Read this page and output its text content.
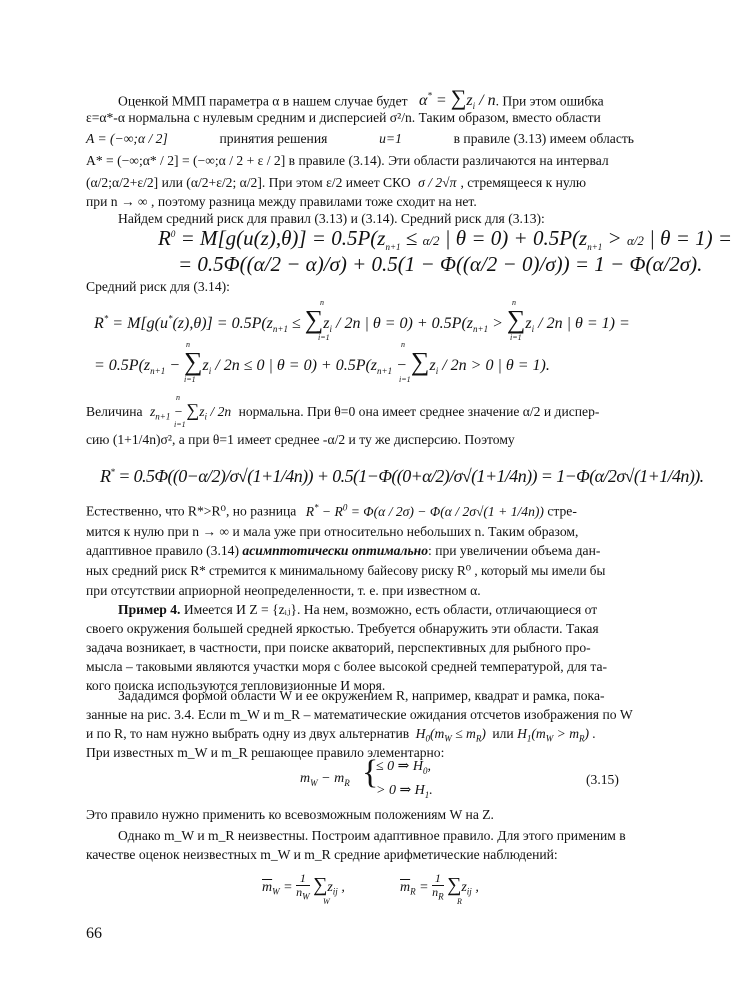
Оценкой ММП параметра α в нашем случае будет $\alpha^* = \sum z_i / n$. При этом ошибка
ε=α*-α нормальна с нулевым средним и дисперсией σ²/n. Таким образом, вместо области
A = (−∞;α / 2]	принятия решения	u=1	в правиле (3.13) имеем область
A* = (−∞;α* / 2] = (−∞;α / 2 + ε / 2] в правиле (3.14). Эти области различаются на интервал
(α/2;α/2+ε/2] или (α/2+ε/2; α/2]. При этом ε/2 имеет СКО σ / 2√π , стремящееся к нулю
при n → ∞ , поэтому разница между правилами тоже сходит на нет.
Найдем средний риск для правил (3.13) и (3.14). Средний риск для (3.13):
$R^0 = M[g(u(z),\theta)] = 0.5P(z_{n+1} \le \alpha/2$ | $\theta = 0) + 0.5P(z_{n+1} > \alpha/2$ | θ = 1) =
= 0.5Φ((α/2 − α)/σ) + 0.5(1 − Φ((α/2 − 0)/σ)) = 1 − Φ(α/2σ).
Средний риск для (3.14):
$R^* = M[g(u^*(z),\theta)] = 0.5P(z_{n+1} \le \sum z_i / 2n$ | $\theta = 0) + 0.5P(z_{n+1} > \sum z_i / 2n$ | θ = 1) =
n
i=1
n
i=1
= $0.5P(z_{n+1} - \sum z_i / 2n \le 0$ | $\theta = 0) + 0.5P(z_{n+1} - \sum z_i / 2n > 0$ | θ = 1).
n
i=1
n
i=1
Величина $z_{n+1} - \sum z_i / 2n$ нормальна. При θ=0 она имеет среднее значение α/2 и диспер-
n
i=1
сию (1+1/4n)σ², а при θ=1 имеет среднее -α/2 и ту же дисперсию. Поэтому
R* = 0.5Φ((0−α/2)/σ√(1+1/4n)) + 0.5(1−Φ((0+α/2)/σ√(1+1/4n)) = 1−Φ(α/2σ√(1+1/4n)).
Естественно, что R*>R⁰, но разница $R^* - R^0 = \Phi(\alpha / 2\sigma) - \Phi(\alpha / 2\sigma√(1 + 1/4n))$ стре-
мится к нулю при n → ∞ и мала уже при относительно небольших n. Таким образом,
адаптивное правило (3.14) асимптотически оптимально: при увеличении объема дан-
ных средний риск R* стремится к минимальному байесову риску R⁰ , который мы имели бы
при отсутствии априорной неопределенности, т. е. при известном α.
Пример 4. Имеется И Z = {zᵢⱼ}. На нем, возможно, есть области, отличающиеся от
своего окружения большей средней яркостью. Требуется обнаружить эти области. Такая
задача возникает, в частности, при поиске акваторий, перспективных для рыбного про-
мысла – таковыми являются участки моря с более высокой средней температурой, для та-
кого поиска используются тепловизионные И моря.
Зададимся формой области W и ее окружением R, например, квадрат и рамка, пока-
занные на рис. 3.4. Если m_W и m_R – математические ожидания отсчетов изображения по W
и по R, то нам нужно выбрать одну из двух альтернатив $H_0(m_W \le m_R)$ или $H_1(m_W > m_R)$ .
При известных m_W и m_R решающее правило элементарно:
$m_W - m_R$ {
≤ 0 ⇒ $H_0$,
> 0 ⇒ $H_1$.
(3.15)
Это правило нужно применить ко всевозможным положениям W на Z.
Однако m_W и m_R неизвестны. Построим адаптивное правило. Для этого применим в
качестве оценок неизвестных m_W и m_R средние арифметические наблюдений:
$\overline{m}_W = \frac{1}{n_W} \sum z_{ij}$ ,
W
$\overline{m}_R = \frac{1}{n_R} \sum z_{ij}$ ,
R
66
